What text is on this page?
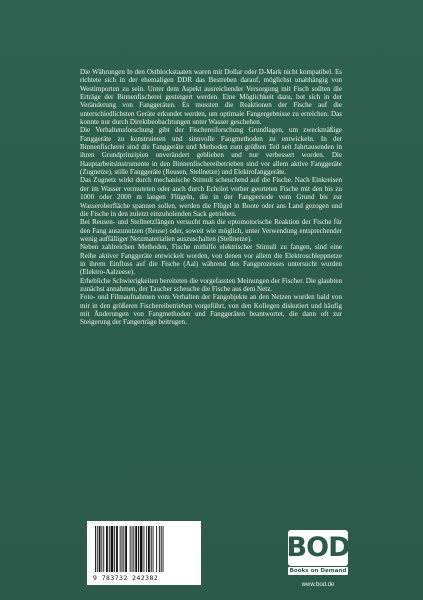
Die Währungen In den Ostblockstaaten waren mit Dollar oder D-Mark nicht kompatibel. Es richtete sich in der ehemaligen DDR das Bestreben darauf, möglichst unabhängig von Westimporten zu sein. Unter dem Aspekt ausreichender Versorgung mit Fisch sollten die Erträge der Binnenfischerei gesteigert werden. Eine Möglichkeit dazu, bot sich in der Veränderung von Fanggeräten. Es mussten die Reaktionen der Fische auf die unterschiedlichsten Geräte erkundet werden, um optimale Fangergebnisse zu erreichen. Das konnte nur durch Direktbeobachtungen unter Wasser geschehen.

Die Verhaltensforschung gibt der Fischereiforschung Grundlagen, um zweckmäßige Fanggeräte zu konstruieren und sinnvolle Fangmethoden zu entwickeln. In der Binnenfischerei sind die Fanggeräte und Methoden zum größten Teil seit Jahrtausenden in ihren Grundprinzipien unverändert geblieben und nur verbessert worden. Die Hauptarbeitsinstrumente in den Binnenfischereibetrieben sind vor allem aktive Fanggeräte (Zugnetze), stille Fanggeräte (Reusen, Stellnetze) und Elektrofanggeräte.

Das Zugnetz wirkt durch mechanische Stimuli scheuchend auf die Fische. Nach Einkreisen der im Wasser vermuteten oder auch durch Echolot vorher georteten Fische mit den bis zu 1000 oder 2000 m langen Flügeln, die in der Fangperiode vom Grund bis zur Wasseroberfläche spannen sollen, werden die Flügel in Boote oder ans Land gezogen und die Fische in den zuletzt einzuholenden Sack getrieben.

Bei Reusen- und Stellnetzfängen versucht man die optomotorische Reaktion der Fische für den Fang auszunutzen (Reuse) oder, soweit wie möglich, unter Verwendung entsprechender wenig auffälliger Netzmaterialien auszuschalten (Stellnetze).

Neben zahlreichen Methoden, Fische mithilfe elektrischer Stimuli zu fangen, sind eine Reihe aktiver Fanggeräte entwickelt worden, von denen vor allem die Elektroschleppnetze in ihrem Einfluss auf die Fische (Aal) während des Fangprozesses untersucht wurden (Elektro-Aalzeese).

Erhebliche Schwierigkeiten bereiteten die vorgefassten Meinungen der Fischer. Die glaubten zunächst annahmen, der Taucher scheuche die Fische aus dem Netz.

Foto- und Filmaufnahmen vom Verhalten der Fangobjekte an den Netzen wurden bald von mir in den größeren Fischereibetrieben vorgeführt, von den Kollegen diskutiert und häufig mit Änderungen von Fangmethoden und Fanggeräten beantwortet, die dann oft zur Steigerung der Fangerträge beitrugen.

9 783732 242382
BOD
Books on Demand
www.bod.de
